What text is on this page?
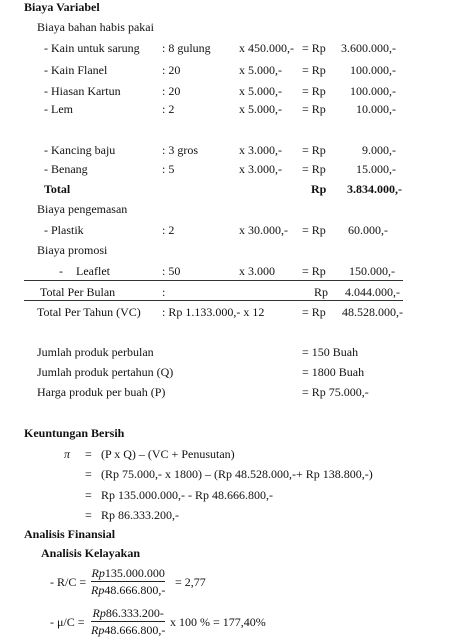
Biaya Variabel
Biaya bahan habis pakai
- Kain untuk sarung : 8 gulung x 450.000,- = Rp 3.600.000,-
- Kain Flanel	: 20	x 5.000,- = Rp	100.000,-
- Hiasan Kartun	: 20	x 5.000,- = Rp	100.000,-
- Lem	: 2	x 5.000,- = Rp	10.000,-
- Kancing baju	: 3 gros	x 3.000,- = Rp	9.000,-
- Benang	: 5	x 3.000,- = Rp	15.000,-
Total	Rp	3.834.000,-
Biaya pengemasan
- Plastik	: 2	x 30.000,- = Rp	60.000,-
Biaya promosi
- Leaflet	: 50	x 3.000 = Rp	150.000,-
Total Per Bulan	:	Rp	4.044.000,-
Total Per Tahun (VC) : Rp 1.133.000,- x 12	= Rp	48.528.000,-
Jumlah produk perbulan	= 150 Buah
Jumlah produk pertahun (Q)	= 1800 Buah
Harga produk per buah (P)	= Rp 75.000,-
Keuntungan Bersih
π = (P x Q) – (VC + Penusutan)
= (Rp 75.000,- x 1800) – (Rp 48.528.000,-+ Rp 138.800,-)
= Rp 135.000.000,- - Rp 48.666.800,-
= Rp 86.333.200,-
Analisis Finansial
Analisis Kelayakan
- R/C =
Rp135.000.000
Rp48.666.800,-
= 2,77
- μ/C =
Rp86.333.200-
Rp48.666.800,-
x 100 % = 177,40%
